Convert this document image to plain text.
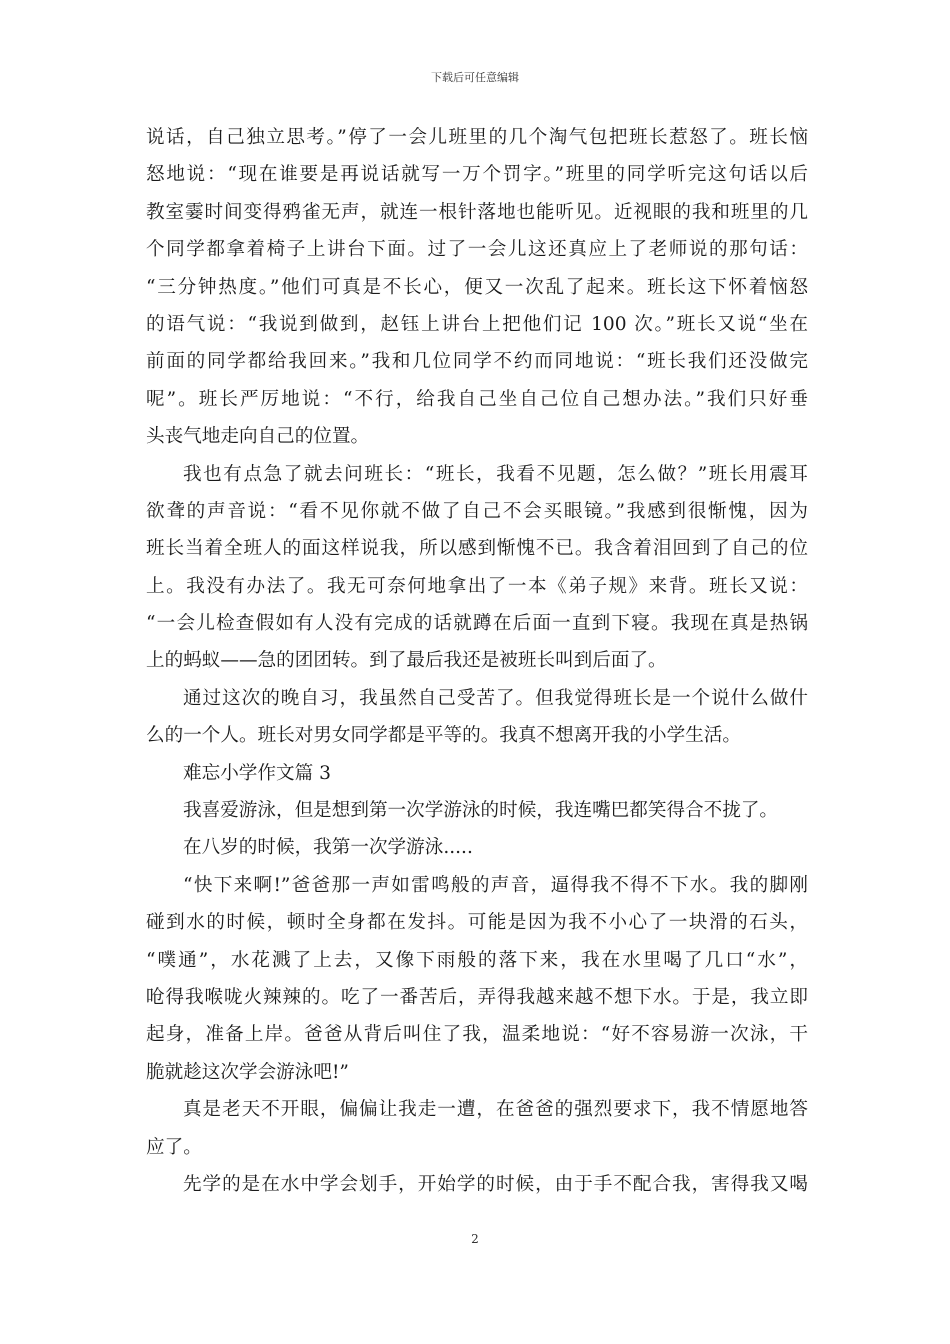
下载后可任意编辑
说话，自己独立思考。”停了一会儿班里的几个淘气包把班长惹怒了。班长恼
怒地说：“现在谁要是再说话就写一万个罚字。”班里的同学听完这句话以后
教室霎时间变得鸦雀无声，就连一根针落地也能听见。近视眼的我和班里的几
个同学都拿着椅子上讲台下面。过了一会儿这还真应上了老师说的那句话：
“三分钟热度。”他们可真是不长心，便又一次乱了起来。班长这下怀着恼怒
的语气说：“我说到做到，赵钰上讲台上把他们记 100 次。”班长又说“坐在
前面的同学都给我回来。”我和几位同学不约而同地说：“班长我们还没做完
呢”。班长严厉地说：“不行，给我自己坐自己位自己想办法。”我们只好垂
头丧气地走向自己的位置。
我也有点急了就去问班长：“班长，我看不见题，怎么做？”班长用震耳
欲聋的声音说：“看不见你就不做了自己不会买眼镜。”我感到很惭愧，因为
班长当着全班人的面这样说我，所以感到惭愧不已。我含着泪回到了自己的位
上。我没有办法了。我无可奈何地拿出了一本《弟子规》来背。班长又说：
“一会儿检查假如有人没有完成的话就蹲在后面一直到下寝。我现在真是热锅
上的蚂蚁——急的团团转。到了最后我还是被班长叫到后面了。
通过这次的晚自习，我虽然自己受苦了。但我觉得班长是一个说什么做什
么的一个人。班长对男女同学都是平等的。我真不想离开我的小学生活。
难忘小学作文篇 3
我喜爱游泳，但是想到第一次学游泳的时候，我连嘴巴都笑得合不拢了。
在八岁的时候，我第一次学游泳.....
“快下来啊!”爸爸那一声如雷鸣般的声音，逼得我不得不下水。我的脚刚
碰到水的时候，顿时全身都在发抖。可能是因为我不小心了一块滑的石头，
“噗通”，水花溅了上去，又像下雨般的落下来，我在水里喝了几口“水”，
呛得我喉咙火辣辣的。吃了一番苦后，弄得我越来越不想下水。于是，我立即
起身，准备上岸。爸爸从背后叫住了我，温柔地说：“好不容易游一次泳，干
脆就趁这次学会游泳吧!”
真是老天不开眼，偏偏让我走一遭，在爸爸的强烈要求下，我不情愿地答
应了。
先学的是在水中学会划手，开始学的时候，由于手不配合我，害得我又喝
2
